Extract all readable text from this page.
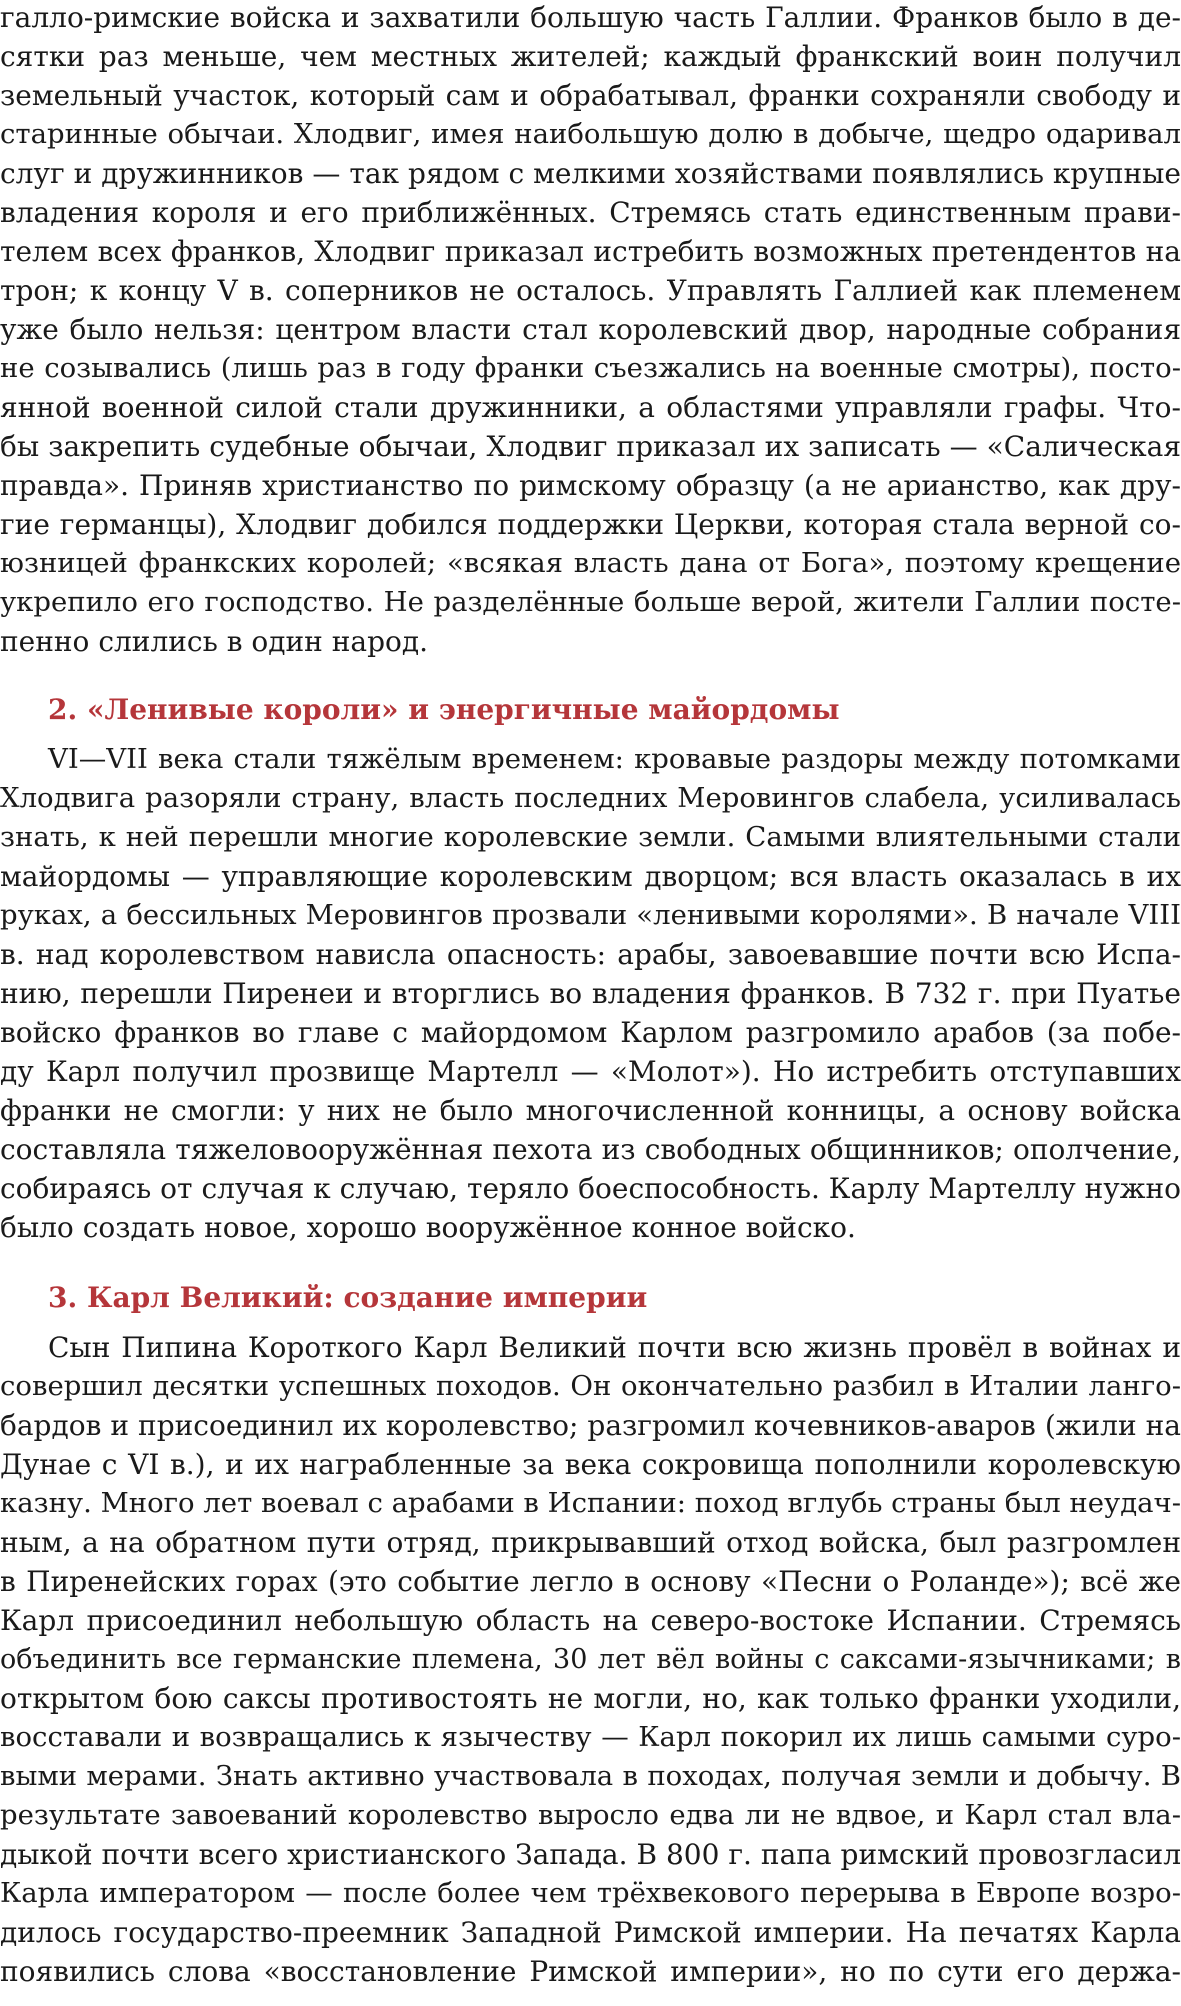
галло-римские войска и захватили большую часть Галлии. Франков было в де-
сятки раз меньше, чем местных жителей; каждый франкский воин получил
земельный участок, который сам и обрабатывал, франки сохраняли свободу и
старинные обычаи. Хлодвиг, имея наибольшую долю в добыче, щедро одаривал
слуг и дружинников — так рядом с мелкими хозяйствами появлялись крупные
владения короля и его приближённых. Стремясь стать единственным прави-
телем всех франков, Хлодвиг приказал истребить возможных претендентов на
трон; к концу V в. соперников не осталось. Управлять Галлией как племенем
уже было нельзя: центром власти стал королевский двор, народные собрания
не созывались (лишь раз в году франки съезжались на военные смотры), посто-
янной военной силой стали дружинники, а областями управляли графы. Что-
бы закрепить судебные обычаи, Хлодвиг приказал их записать — «Салическая
правда». Приняв христианство по римскому образцу (а не арианство, как дру-
гие германцы), Хлодвиг добился поддержки Церкви, которая стала верной со-
юзницей франкских королей; «всякая власть дана от Бога», поэтому крещение
укрепило его господство. Не разделённые больше верой, жители Галлии посте-
пенно слились в один народ.

2. «Ленивые короли» и энергичные майордомы

VI—VII века стали тяжёлым временем: кровавые раздоры между потомками
Хлодвига разоряли страну, власть последних Меровингов слабела, усиливалась
знать, к ней перешли многие королевские земли. Самыми влиятельными стали
майордомы — управляющие королевским дворцом; вся власть оказалась в их
руках, а бессильных Меровингов прозвали «ленивыми королями». В начале VIII
в. над королевством нависла опасность: арабы, завоевавшие почти всю Испа-
нию, перешли Пиренеи и вторглись во владения франков. В 732 г. при Пуатье
войско франков во главе с майордомом Карлом разгромило арабов (за побе-
ду Карл получил прозвище Мартелл — «Молот»). Но истребить отступавших
франки не смогли: у них не было многочисленной конницы, а основу войска
составляла тяжеловооружённая пехота из свободных общинников; ополчение,
собираясь от случая к случаю, теряло боеспособность. Карлу Мартеллу нужно
было создать новое, хорошо вооружённое конное войско.

3. Карл Великий: создание империи

Сын Пипина Короткого Карл Великий почти всю жизнь провёл в войнах и
совершил десятки успешных походов. Он окончательно разбил в Италии ланго-
бардов и присоединил их королевство; разгромил кочевников-аваров (жили на
Дунае с VI в.), и их награбленные за века сокровища пополнили королевскую
казну. Много лет воевал с арабами в Испании: поход вглубь страны был неудач-
ным, а на обратном пути отряд, прикрывавший отход войска, был разгромлен
в Пиренейских горах (это событие легло в основу «Песни о Роланде»); всё же
Карл присоединил небольшую область на северо-востоке Испании. Стремясь
объединить все германские племена, 30 лет вёл войны с саксами-язычниками; в
открытом бою саксы противостоять не могли, но, как только франки уходили,
восставали и возвращались к язычеству — Карл покорил их лишь самыми суро-
выми мерами. Знать активно участвовала в походах, получая земли и добычу. В
результате завоеваний королевство выросло едва ли не вдвое, и Карл стал вла-
дыкой почти всего христианского Запада. В 800 г. папа римский провозгласил
Карла императором — после более чем трёхвекового перерыва в Европе возро-
дилось государство-преемник Западной Римской империи. На печатях Карла
появились слова «восстановление Римской империи», но по сути его держа-
